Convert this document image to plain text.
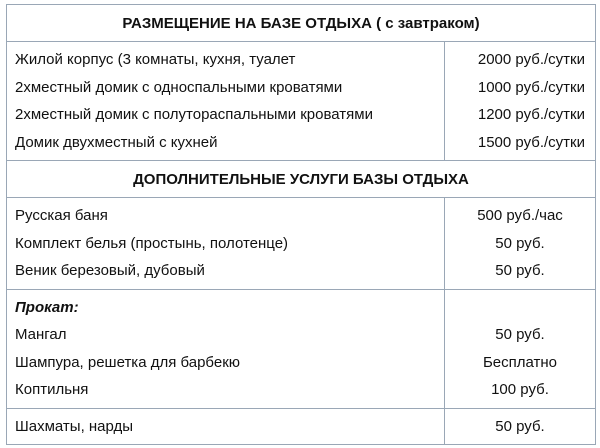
РАЗМЕЩЕНИЕ НА БАЗЕ ОТДЫХА ( с завтраком)
Жилой корпус (3 комнаты, кухня, туалет
2хместный домик с односпальными кроватями
2хместный домик с полутораспальными кроватями
Домик двухместный с кухней
2000 руб./сутки
1000 руб./сутки
1200 руб./сутки
1500 руб./сутки
ДОПОЛНИТЕЛЬНЫЕ УСЛУГИ БАЗЫ ОТДЫХА
Русская баня
Комплект белья (простынь, полотенце)
Веник березовый, дубовый
500 руб./час
50 руб.
50 руб.
Прокат:
Мангал
Шампура, решетка для барбекю
Коптильня
50 руб.
Бесплатно
100 руб.
Шахматы, нарды	50 руб.
